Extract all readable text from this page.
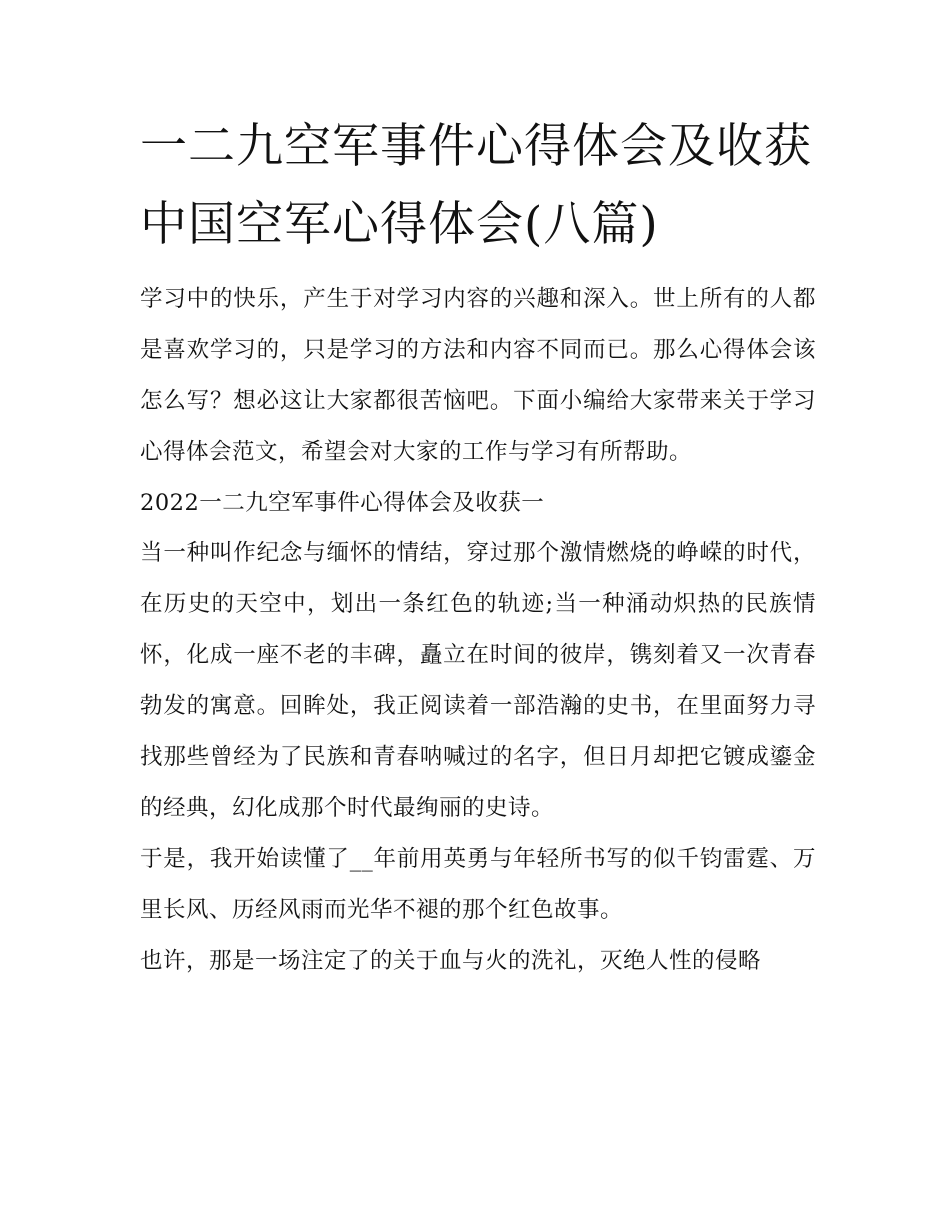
一二九空军事件心得体会及收获 中国空军心得体会(八篇)

学习中的快乐，产生于对学习内容的兴趣和深入。世上所有的人都是喜欢学习的，只是学习的方法和内容不同而已。那么心得体会该怎么写？想必这让大家都很苦恼吧。下面小编给大家带来关于学习心得体会范文，希望会对大家的工作与学习有所帮助。

2022一二九空军事件心得体会及收获一

当一种叫作纪念与缅怀的情结，穿过那个激情燃烧的峥嵘的时代，在历史的天空中，划出一条红色的轨迹;当一种涌动炽热的民族情怀，化成一座不老的丰碑，矗立在时间的彼岸，镌刻着又一次青春勃发的寓意。回眸处，我正阅读着一部浩瀚的史书，在里面努力寻找那些曾经为了民族和青春呐喊过的名字，但日月却把它镀成鎏金的经典，幻化成那个时代最绚丽的史诗。

于是，我开始读懂了__年前用英勇与年轻所书写的似千钧雷霆、万里长风、历经风雨而光华不褪的那个红色故事。

也许，那是一场注定了的关于血与火的洗礼，灭绝人性的侵略
